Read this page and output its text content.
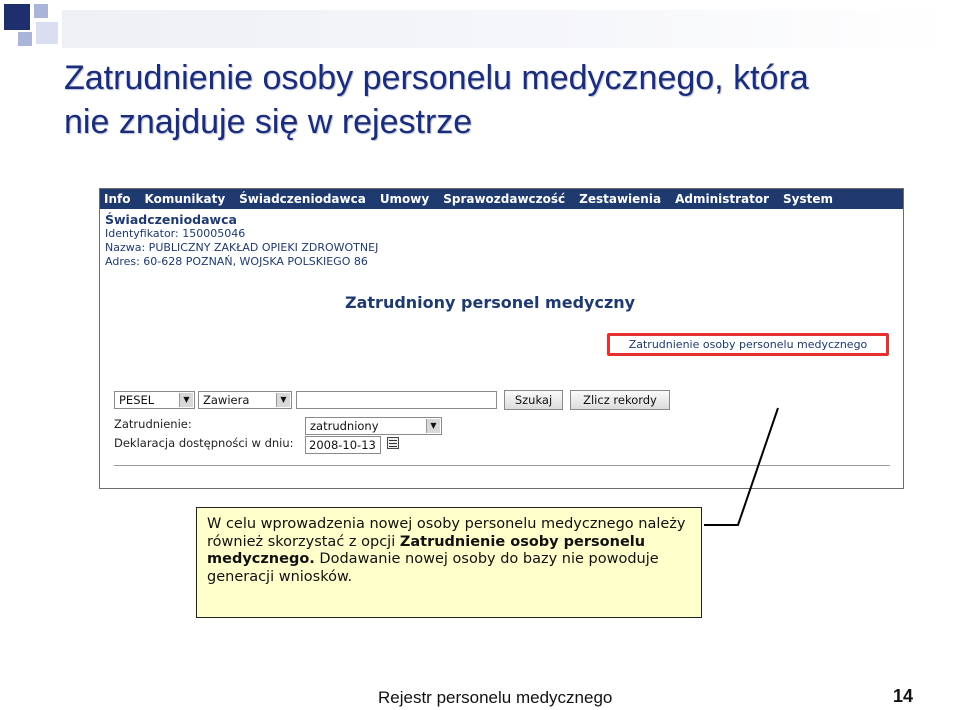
Zatrudnienie osoby personelu medycznego, która
nie znajduje się w rejestrze
Info Komunikaty Świadczeniodawca Umowy Sprawozdawczość Zestawienia Administrator System
Świadczeniodawca
Identyfikator: 150005046
Nazwa: PUBLICZNY ZAKŁAD OPIEKI ZDROWOTNEJ
Adres: 60-628 POZNAŃ, WOJSKA POLSKIEGO 86
Zatrudniony personel medyczny
Zatrudnienie osoby personelu medycznego
PESEL	▼	Zawiera	▼	Szukaj	Zlicz rekordy
Zatrudnienie:	zatrudniony	▼
Deklaracja dostępności w dniu:	2008-10-13
W celu wprowadzenia nowej osoby personelu medycznego należy również skorzystać z opcji Zatrudnienie osoby personelu medycznego. Dodawanie nowej osoby do bazy nie powoduje generacji wniosków.
Rejestr personelu medycznego	14
